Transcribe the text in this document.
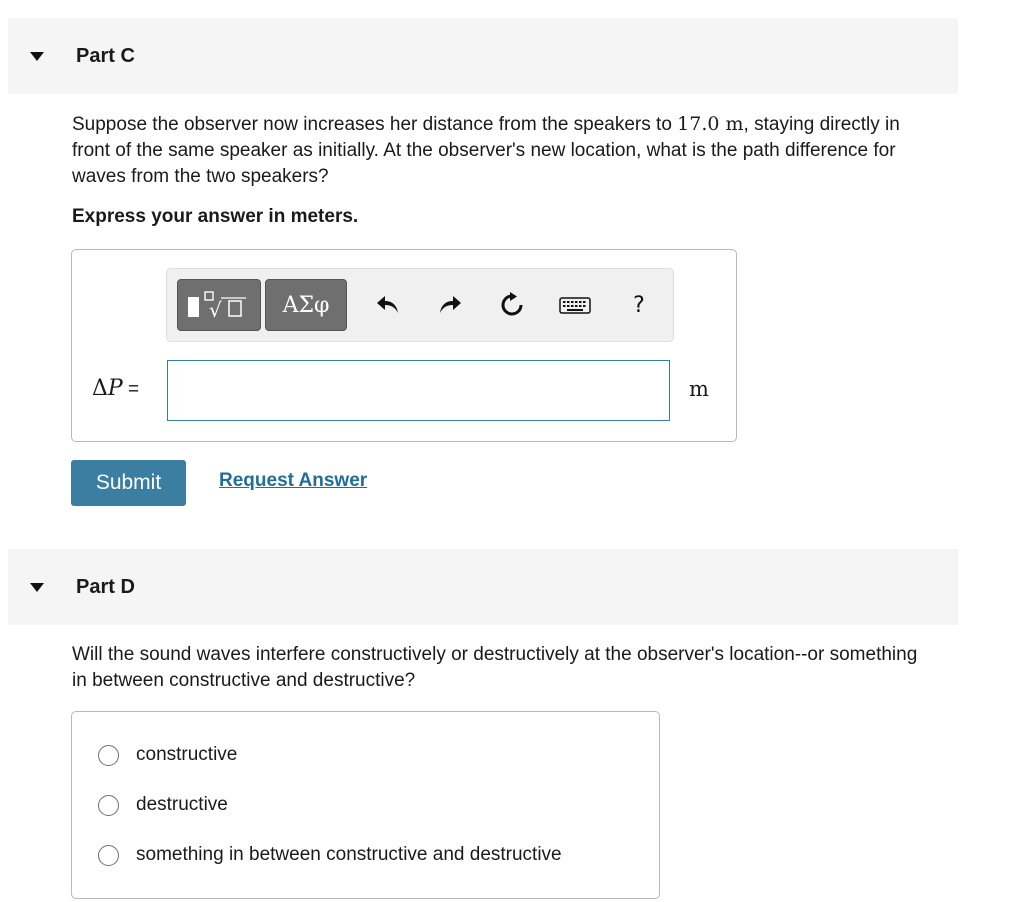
Part C
Suppose the observer now increases her distance from the speakers to 17.0 m, staying directly in front of the same speaker as initially. At the observer's new location, what is the path difference for waves from the two speakers?
Express your answer in meters.
√	ΑΣφ	?
ΔP =	m
Submit	Request Answer
Part D
Will the sound waves interfere constructively or destructively at the observer's location--or something in between constructive and destructive?
constructive
destructive
something in between constructive and destructive
